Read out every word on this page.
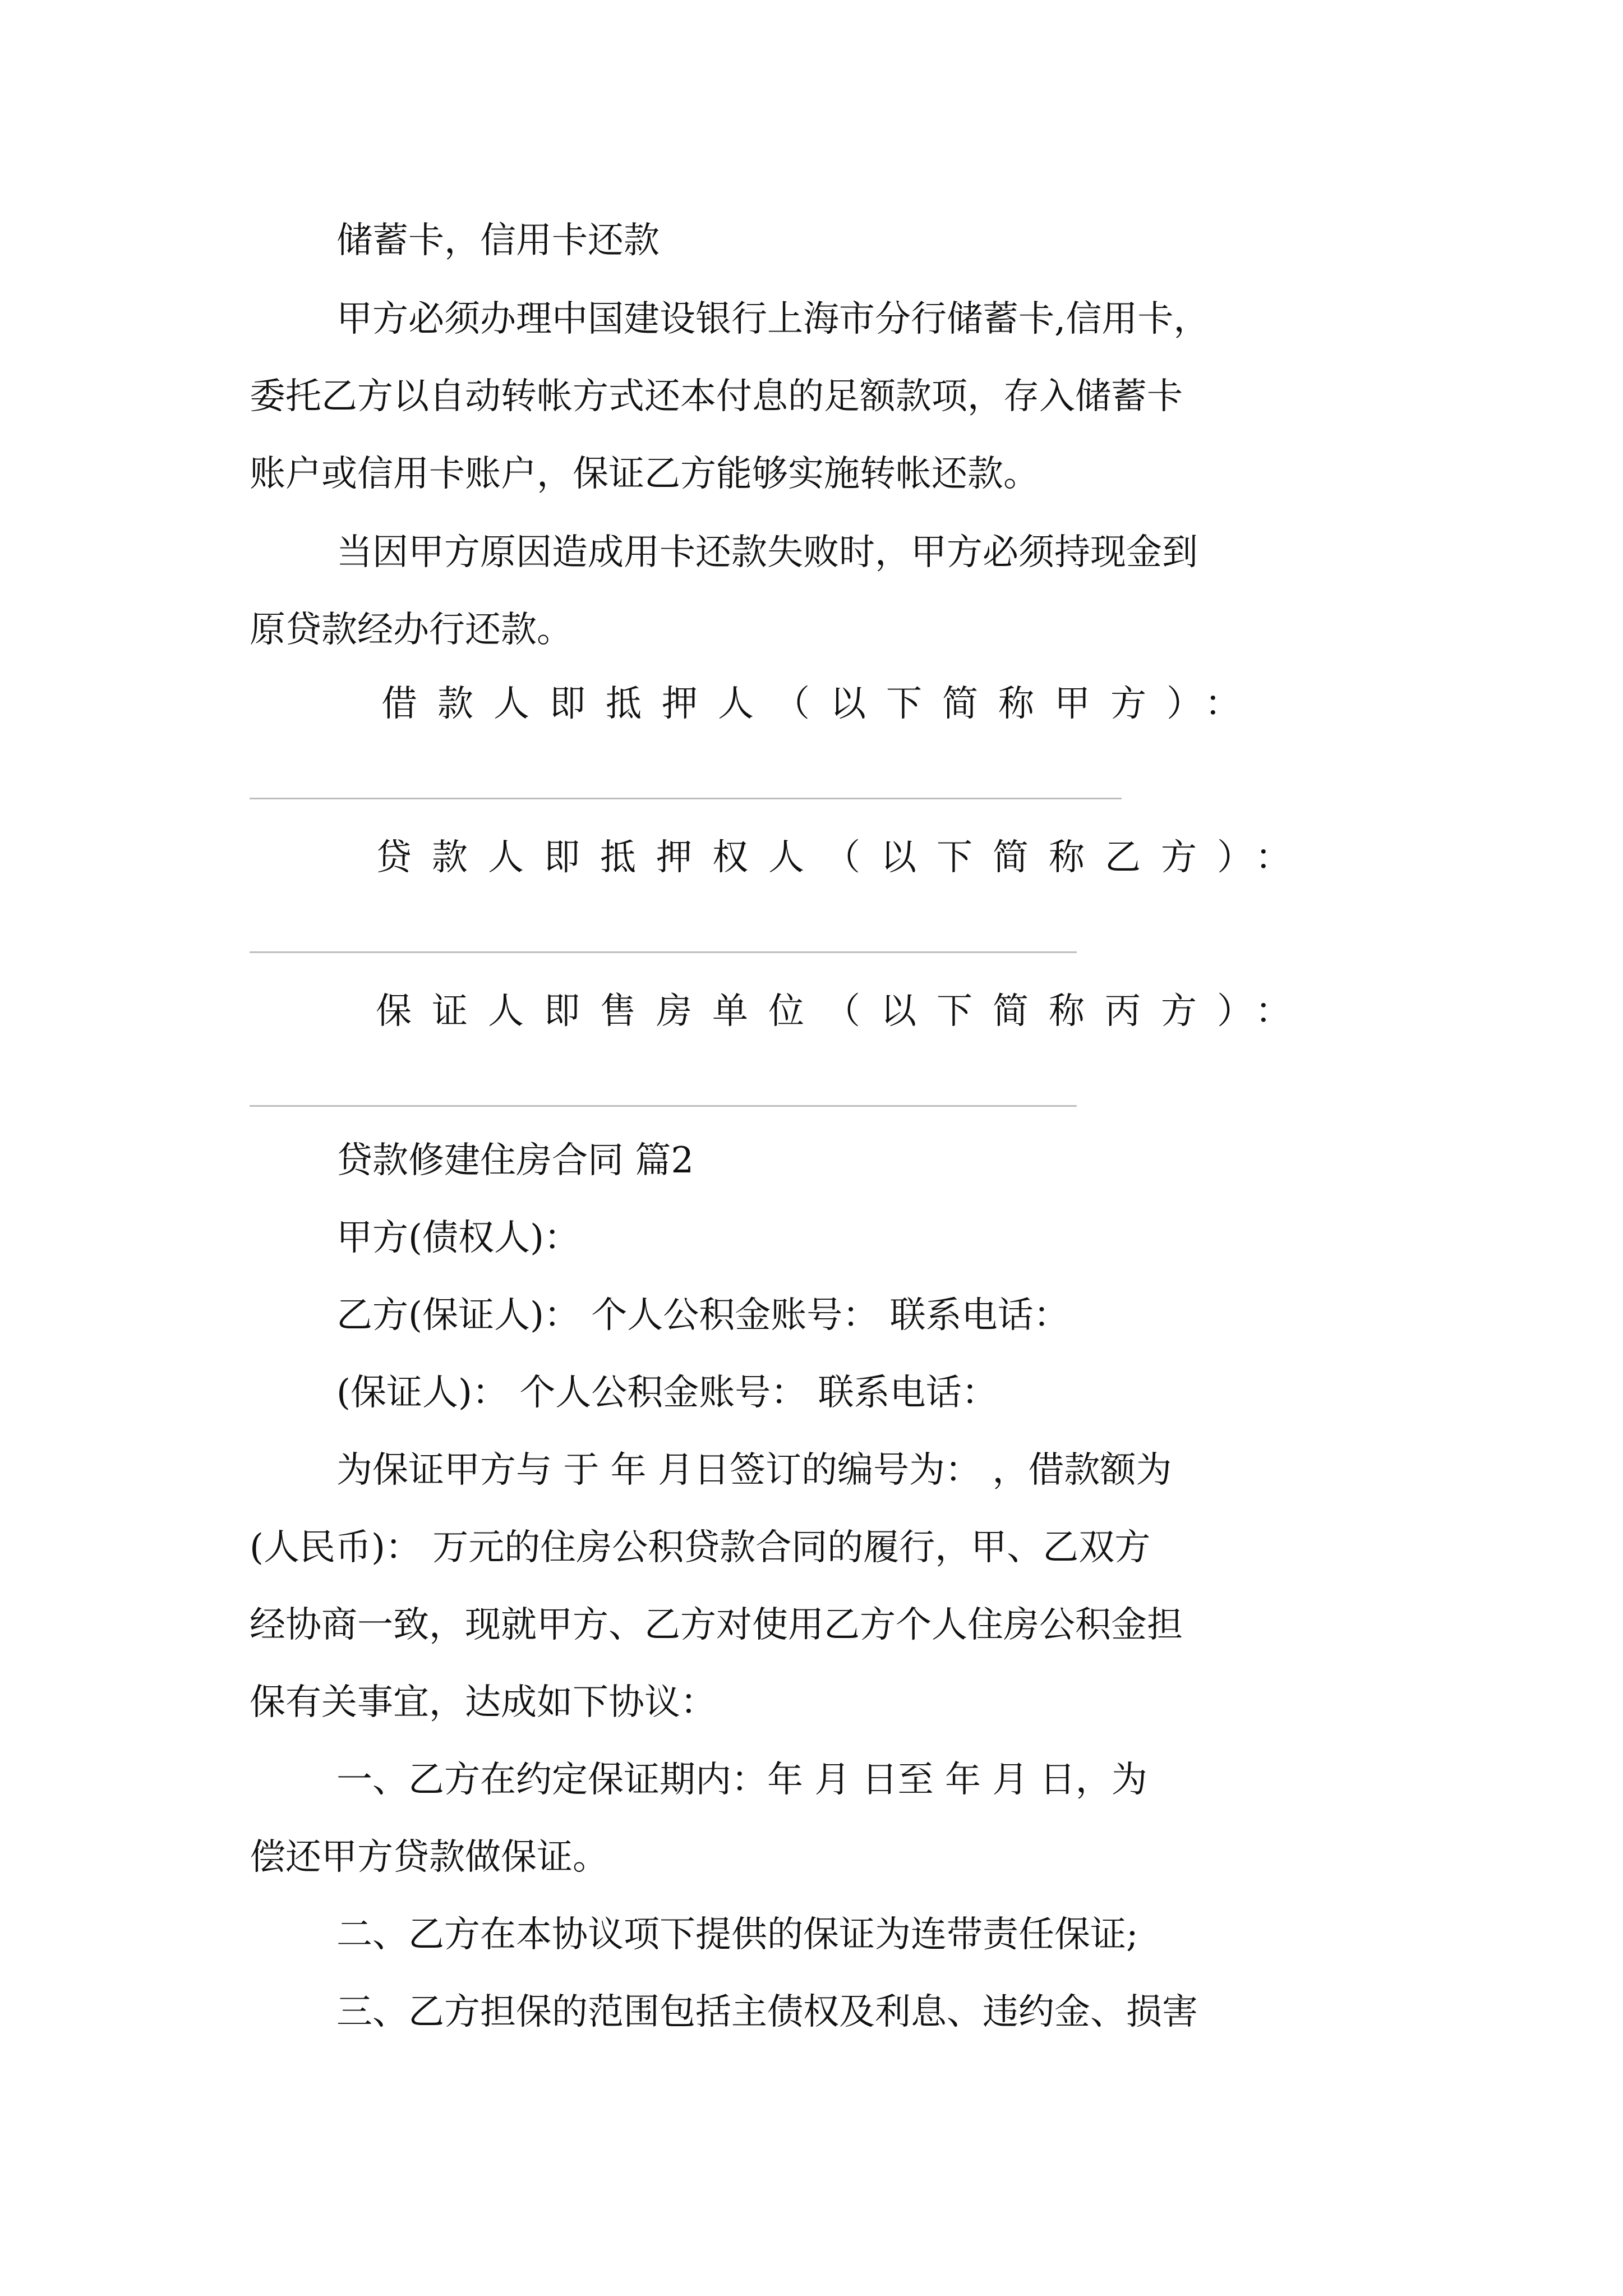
储蓄卡，信用卡还款
甲方必须办理中国建设银行上海市分行储蓄卡,信用卡，
委托乙方以自动转帐方式还本付息的足额款项，存入储蓄卡
账户或信用卡账户，保证乙方能够实施转帐还款。
当因甲方原因造成用卡还款失败时，甲方必须持现金到
原贷款经办行还款。
借款人即抵押人（以下简称甲方）：
贷款人即抵押权人（以下简称乙方）：
保证人即售房单位（以下简称丙方）：
贷款修建住房合同 篇2
甲方(债权人)：
乙方(保证人)： 个人公积金账号： 联系电话：
(保证人)： 个人公积金账号： 联系电话：
为保证甲方与 于 年 月日签订的编号为： ，借款额为
(人民币)： 万元的住房公积贷款合同的履行，甲、乙双方
经协商一致，现就甲方、乙方对使用乙方个人住房公积金担
保有关事宜，达成如下协议：
一、乙方在约定保证期内：年 月 日至 年 月 日，为
偿还甲方贷款做保证。
二、乙方在本协议项下提供的保证为连带责任保证;
三、乙方担保的范围包括主债权及利息、违约金、损害
